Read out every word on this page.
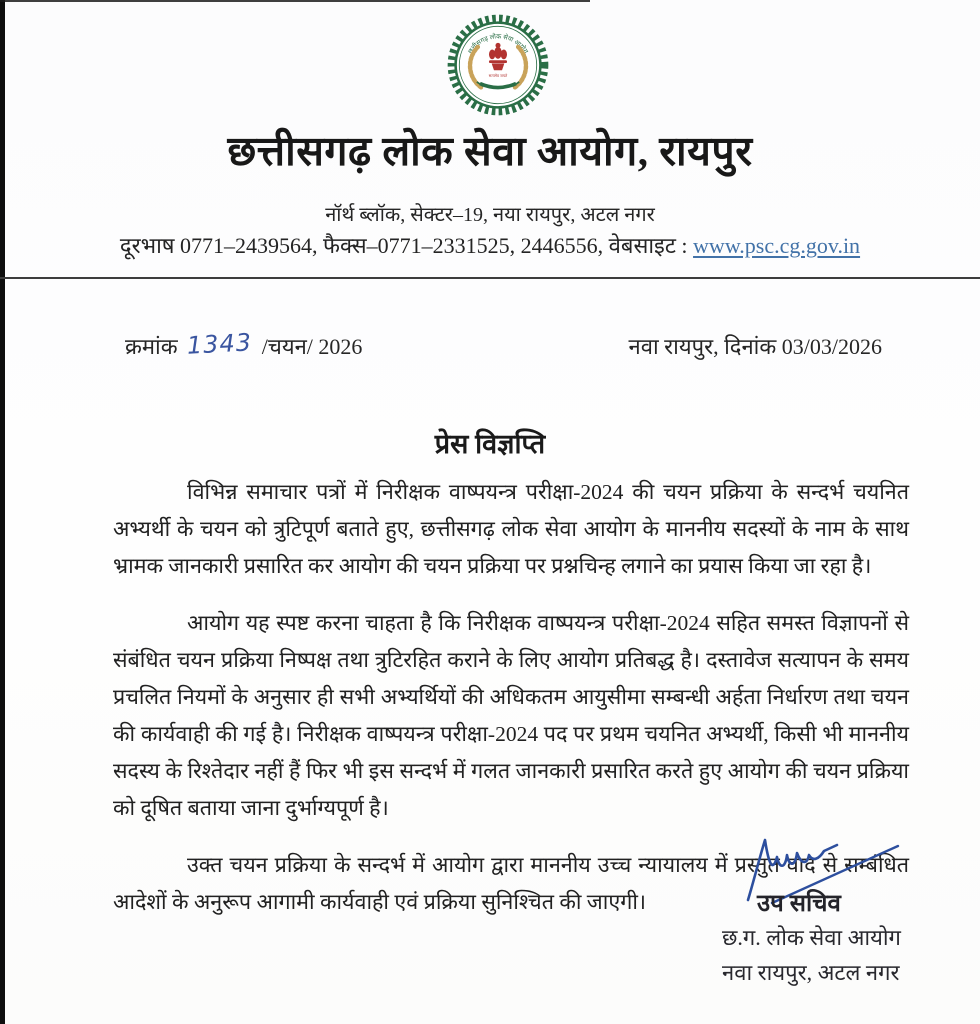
छत्तीसगढ़ लोक सेवा आयोग
सत्यमेव जयते
छत्तीसगढ़ लोक सेवा आयोग, रायपुर
नॉर्थ ब्लॉक, सेक्टर–19, नया रायपुर, अटल नगर
दूरभाष 0771–2439564, फैक्स–0771–2331525, 2446556, वेबसाइट : www.psc.cg.gov.in
क्रमांक 1343 /चयन/ 2026	नवा रायपुर, दिनांक 03/03/2026
प्रेस विज्ञप्ति

विभिन्न समाचार पत्रों में निरीक्षक वाष्पयन्त्र परीक्षा-2024 की चयन प्रक्रिया के सन्दर्भ चयनित अभ्यर्थी के चयन को त्रुटिपूर्ण बताते हुए, छत्तीसगढ़ लोक सेवा आयोग के माननीय सदस्यों के नाम के साथ भ्रामक जानकारी प्रसारित कर आयोग की चयन प्रक्रिया पर प्रश्नचिन्ह लगाने का प्रयास किया जा रहा है।

आयोग यह स्पष्ट करना चाहता है कि निरीक्षक वाष्पयन्त्र परीक्षा-2024 सहित समस्त विज्ञापनों से संबंधित चयन प्रक्रिया निष्पक्ष तथा त्रुटिरहित कराने के लिए आयोग प्रतिबद्ध है। दस्तावेज सत्यापन के समय प्रचलित नियमों के अनुसार ही सभी अभ्यर्थियों की अधिकतम आयुसीमा सम्बन्धी अर्हता निर्धारण तथा चयन की कार्यवाही की गई है। निरीक्षक वाष्पयन्त्र परीक्षा-2024 पद पर प्रथम चयनित अभ्यर्थी, किसी भी माननीय सदस्य के रिश्तेदार नहीं हैं फिर भी इस सन्दर्भ में गलत जानकारी प्रसारित करते हुए आयोग की चयन प्रक्रिया को दूषित बताया जाना दुर्भाग्यपूर्ण है।

उक्त चयन प्रक्रिया के सन्दर्भ में आयोग द्वारा माननीय उच्च न्यायालय में प्रस्तुत वाद से सम्बंधित आदेशों के अनुरूप आगामी कार्यवाही एवं प्रक्रिया सुनिश्चित की जाएगी।	उप सचिव
छ.ग. लोक सेवा आयोग
नवा रायपुर, अटल नगर
